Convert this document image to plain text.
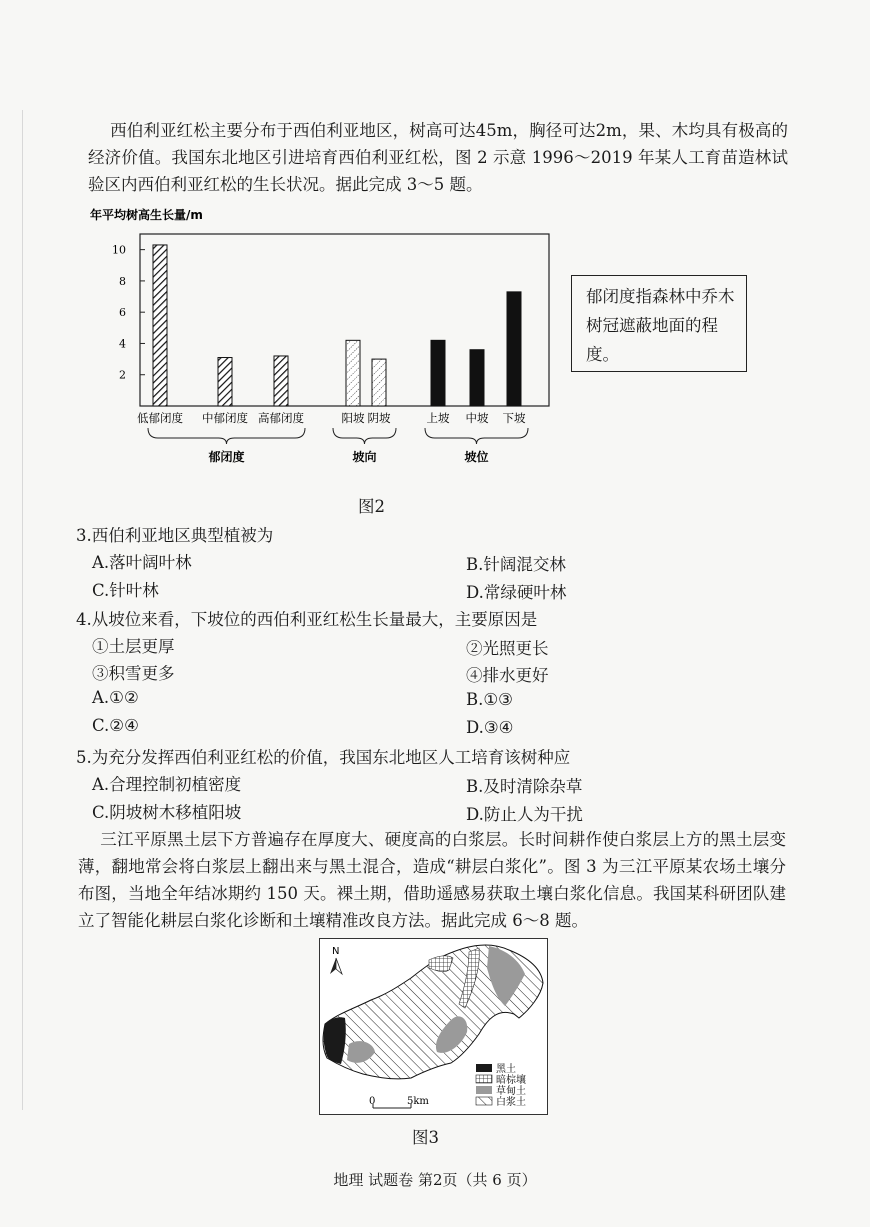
西伯利亚红松主要分布于西伯利亚地区，树高可达45m，胸径可达2m，果、木均具有极高的经济价值。我国东北地区引进培育西伯利亚红松，图 2 示意 1996～2019 年某人工育苗造林试验区内西伯利亚红松的生长状况。据此完成 3～5 题。
年平均树高生长量/m
2
4
6
8
10
低郁闭度 中郁闭度 高郁闭度	阳坡 阴坡	上坡 中坡 下坡
郁闭度	坡向	坡位
郁闭度指森林中乔木树冠遮蔽地面的程度。
图2
3.西伯利亚地区典型植被为
A.落叶阔叶林	B.针阔混交林
C.针叶林	D.常绿硬叶林
4.从坡位来看，下坡位的西伯利亚红松生长量最大，主要原因是
①土层更厚	②光照更长
③积雪更多	④排水更好
A.①②	B.①③
C.②④	D.③④
5.为充分发挥西伯利亚红松的价值，我国东北地区人工培育该树种应
A.合理控制初植密度	B.及时清除杂草
C.阴坡树木移植阳坡	D.防止人为干扰
三江平原黑土层下方普遍存在厚度大、硬度高的白浆层。长时间耕作使白浆层上方的黑土层变薄，翻地常会将白浆层上翻出来与黑土混合，造成“耕层白浆化”。图 3 为三江平原某农场土壤分布图，当地全年结冰期约 150 天。裸土期，借助遥感易获取土壤白浆化信息。我国某科研团队建立了智能化耕层白浆化诊断和土壤精准改良方法。据此完成 6～8 题。
N
0	5km
黑土
暗棕壤
草甸土
白浆土
图3
地理 试题卷 第2页（共 6 页）
